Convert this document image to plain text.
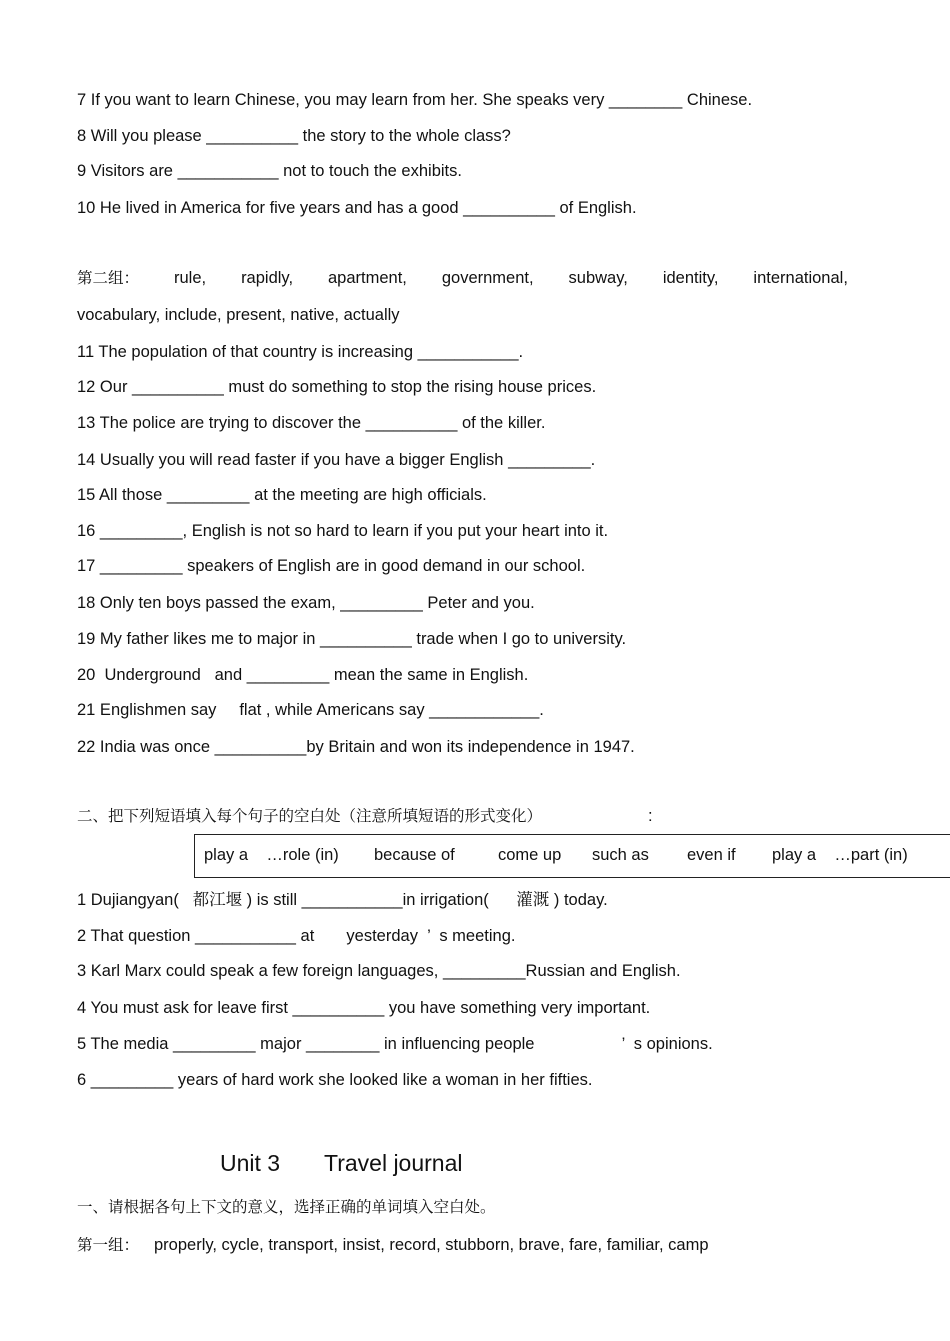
7 If you want to learn Chinese, you may learn from her. She speaks very ________ Chinese.
8 Will you please __________ the story to the whole class?
9 Visitors are ___________ not to touch the exhibits.
10 He lived in America for five years and has a good __________ of English.
第二组： rule, rapidly, apartment, government, subway, identity, international,
vocabulary, include, present, native, actually
11 The population of that country is increasing ___________.
12 Our __________ must do something to stop the rising house prices.
13 The police are trying to discover the __________ of the killer.
14 Usually you will read faster if you have a bigger English _________.
15 All those _________ at the meeting are high officials.
16 _________, English is not so hard to learn if you put your heart into it.
17 _________ speakers of English are in good demand in our school.
18 Only ten boys passed the exam, _________ Peter and you.
19 My father likes me to major in __________ trade when I go to university.
20  Underground   and _________ mean the same in English.
21 Englishmen say     flat , while Americans say ____________.
22 India was once __________by Britain and won its independence in 1947.
二、把下列短语填入每个句子的空白处（注意所填短语的形式变化）	:
play a    …role (in) because of	come up such as even if play a    …part (in)
1 Dujiangyan(   都江堰 ) is still ___________in irrigation(      灌溉 ) today.
2 That question ___________ at       yesterday  ’  s meeting.
3 Karl Marx could speak a few foreign languages, _________Russian and English.
4 You must ask for leave first __________ you have something very important.
5 The media _________ major ________ in influencing people                   ’  s opinions.
6 _________ years of hard work she looked like a woman in her fifties.
Unit 3 Travel journal
一、请根据各句上下文的意义，选择正确的单词填入空白处。
第一组： properly, cycle, transport, insist, record, stubborn, brave, fare, familiar, camp
